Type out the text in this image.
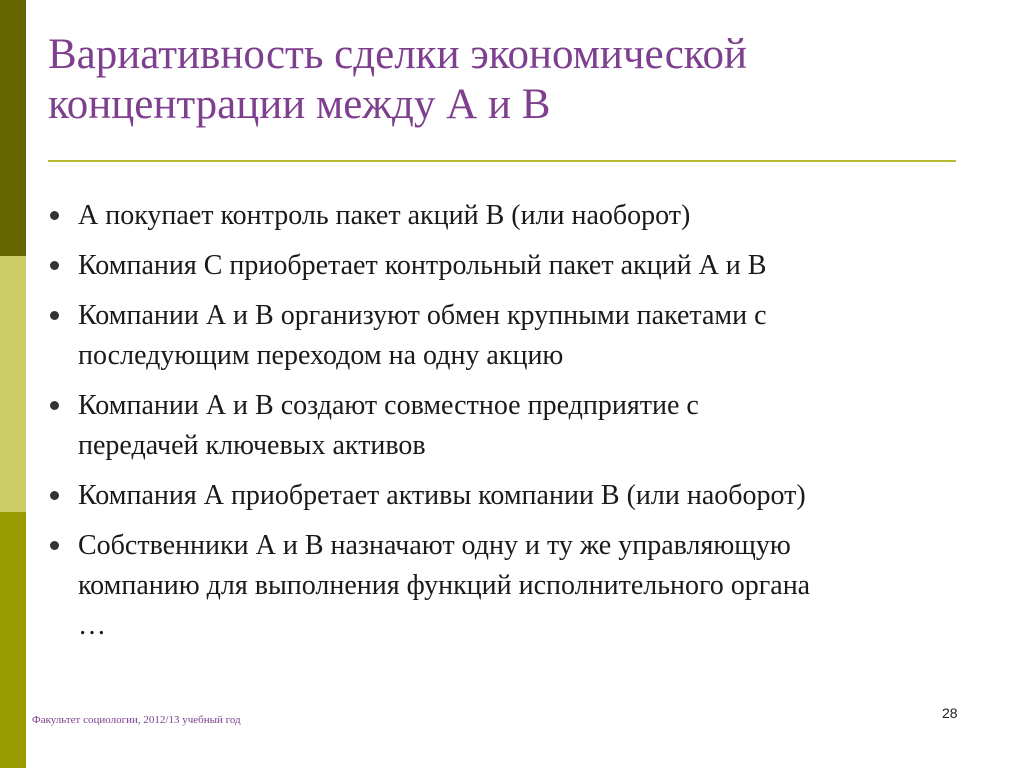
Вариативность сделки экономической
концентрации между А и В
А покупает контроль пакет акций В (или наоборот)
Компания С приобретает контрольный пакет акций А и В
Компании А и В организуют обмен крупными пакетами с
последующим переходом на одну акцию
Компании А и В создают совместное предприятие с
передачей ключевых активов
Компания А приобретает активы компании В (или наоборот)
Собственники А и В назначают одну и ту же управляющую
компанию для выполнения функций исполнительного органа
…
Факультет социологии, 2012/13 учебный год	28
